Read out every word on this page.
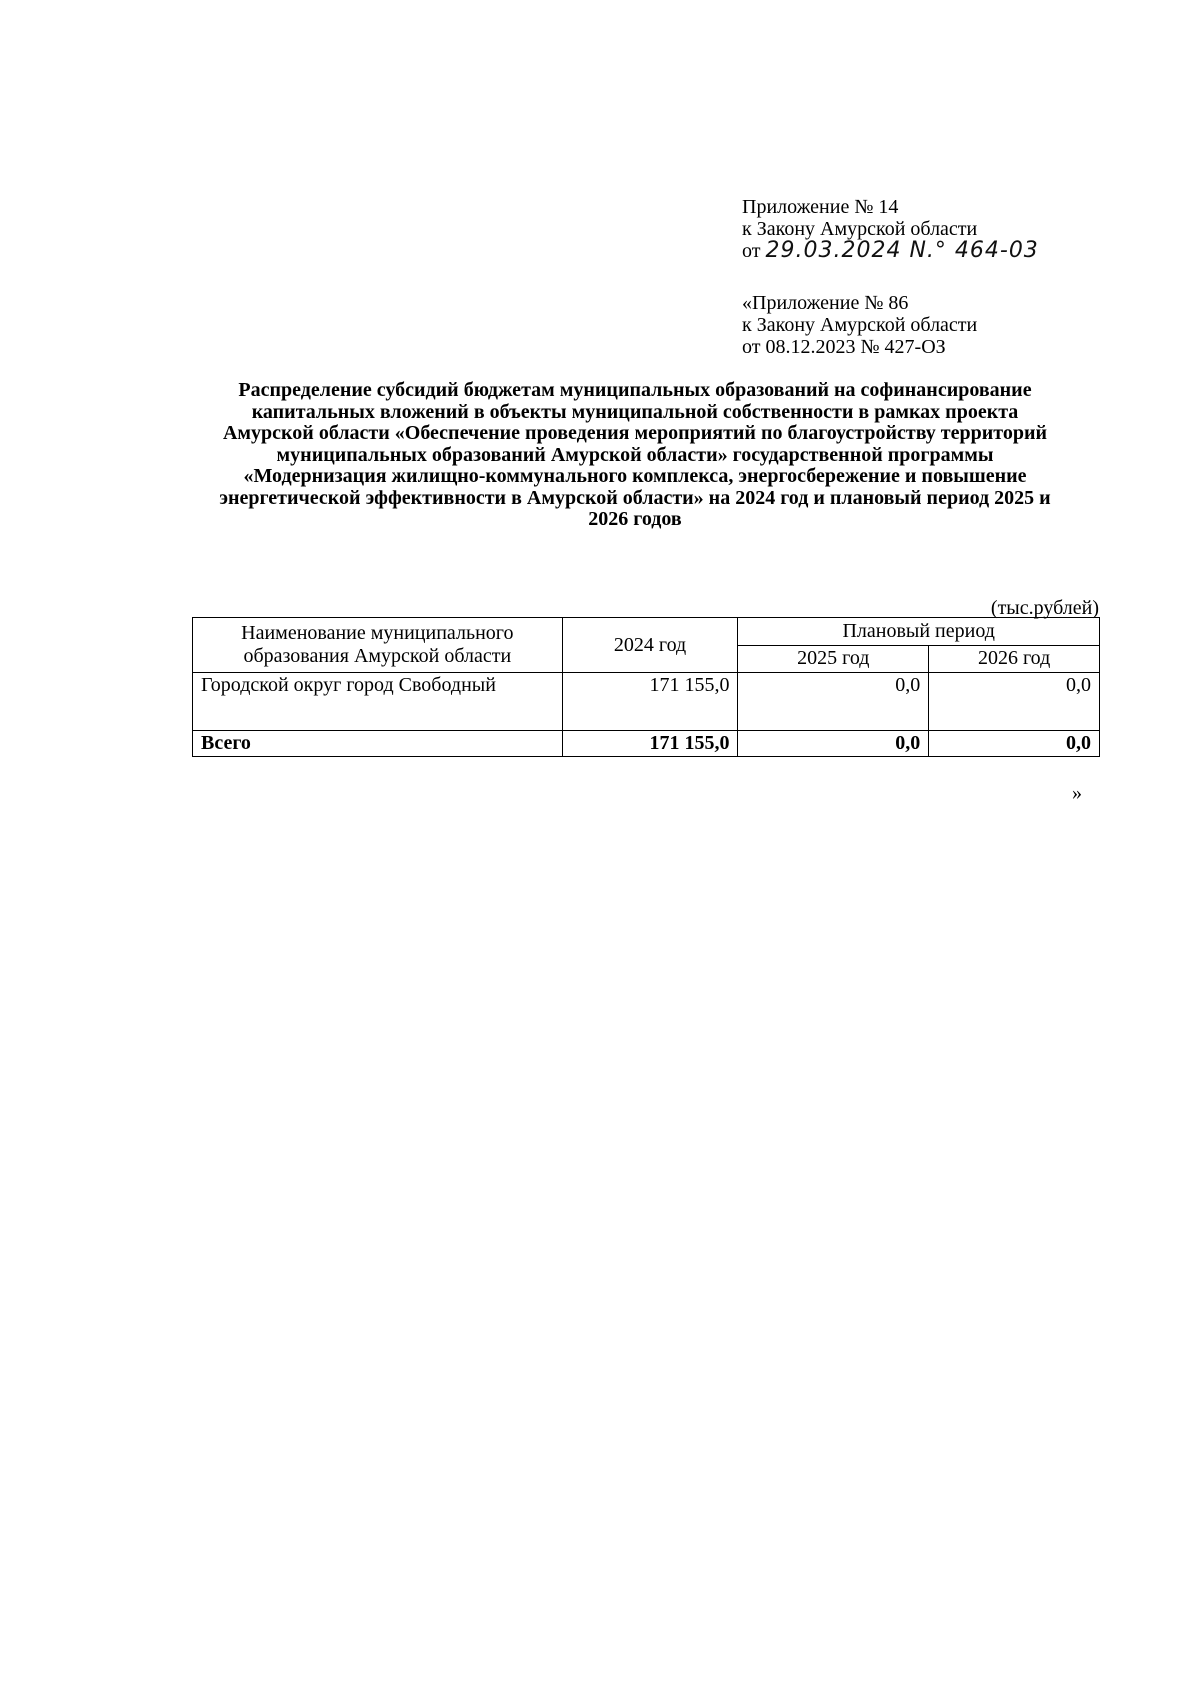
Приложение № 14
к Закону Амурской области
от 29.03.2024 N.° 464-03
«Приложение № 86
к Закону Амурской области
от 08.12.2023 № 427-ОЗ
Распределение субсидий бюджетам муниципальных образований на софинансирование капитальных вложений в объекты муниципальной собственности в рамках проекта Амурской области «Обеспечение проведения мероприятий по благоустройству территорий муниципальных образований Амурской области» государственной программы «Модернизация жилищно-коммунального комплекса, энергосбережение и повышение энергетической эффективности в Амурской области» на 2024 год и плановый период 2025 и 2026 годов
(тыс.рублей)
Наименование муниципального образования Амурской области	2024 год	Плановый период	
		2025 год	2026 год
Городской округ город Свободный	171 155,0	0,0	0,0
Всего	171 155,0	0,0	0,0
»
